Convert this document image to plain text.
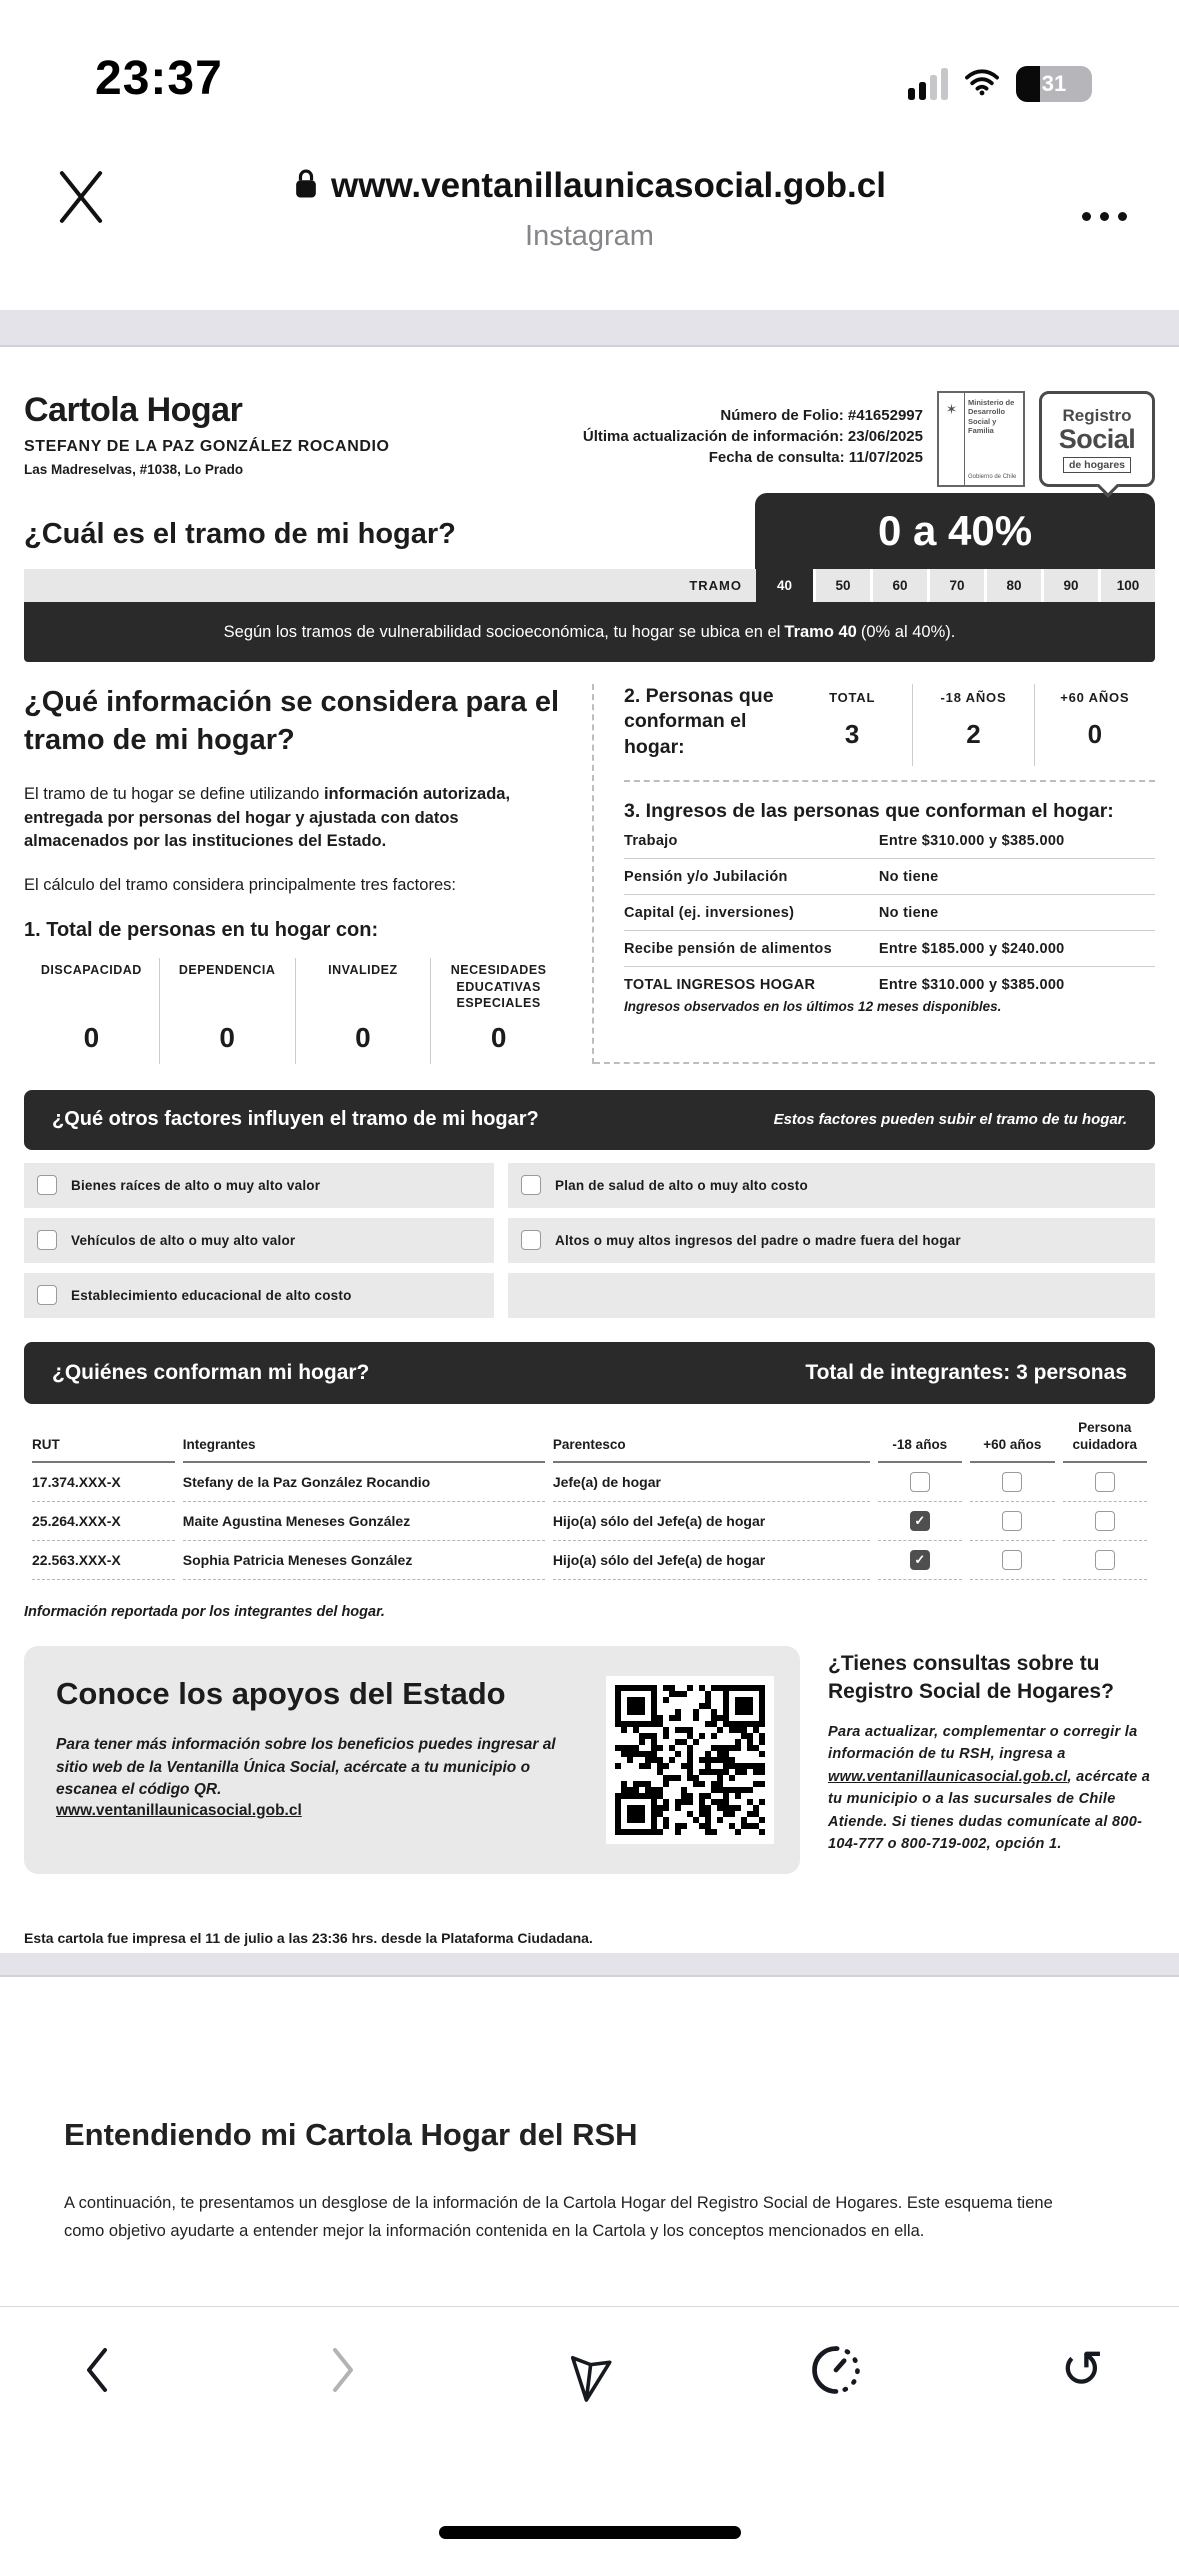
23:37	31
www.ventanillaunicasocial.gob.cl
Instagram
Cartola Hogar
STEFANY DE LA PAZ GONZÁLEZ ROCANDIO
Las Madreselvas, #1038, Lo Prado
Número de Folio: #41652997
Última actualización de información: 23/06/2025
Fecha de consulta: 11/07/2025
✶	Ministerio de Desarrollo Social y Familia
Gobierno de Chile
Registro
Social
de hogares
¿Cuál es el tramo de mi hogar?	0 a 40%
TRAMO	40	50	60	70	80	90	100
Según los tramos de vulnerabilidad socioeconómica, tu hogar se ubica en el Tramo 40 (0% al 40%).
¿Qué información se considera para el tramo de mi hogar?
El tramo de tu hogar se define utilizando información autorizada, entregada por personas del hogar y ajustada con datos almacenados por las instituciones del Estado.
El cálculo del tramo considera principalmente tres factores:
1. Total de personas en tu hogar con:
DISCAPACIDAD
0
DEPENDENCIA
0
INVALIDEZ
0
NECESIDADES EDUCATIVAS ESPECIALES
0
2. Personas que conforman el hogar:
TOTAL
3
-18 AÑOS
2
+60 AÑOS
0
3. Ingresos de las personas que conforman el hogar:
Trabajo	Entre $310.000 y $385.000
Pensión y/o Jubilación	No tiene
Capital (ej. inversiones)	No tiene
Recibe pensión de alimentos	Entre $185.000 y $240.000
TOTAL INGRESOS HOGAR	Entre $310.000 y $385.000
Ingresos observados en los últimos 12 meses disponibles.
¿Qué otros factores influyen el tramo de mi hogar?	Estos factores pueden subir el tramo de tu hogar.
Bienes raíces de alto o muy alto valor	Plan de salud de alto o muy alto costo
Vehículos de alto o muy alto valor	Altos o muy altos ingresos del padre o madre fuera del hogar
Establecimiento educacional de alto costo
¿Quiénes conforman mi hogar?	Total de integrantes: 3 personas
RUT	Integrantes	Parentesco	-18 años	+60 años	Persona cuidadora
17.374.XXX-X	Stefany de la Paz González Rocandio	Jefe(a) de hogar	

25.264.XXX-X	Maite Agustina Meneses González	Hijo(a) sólo del Jefe(a) de hogar	✓		

22.563.XXX-X	Sophia Patricia Meneses González	Hijo(a) sólo del Jefe(a) de hogar	✓		

Información reportada por los integrantes del hogar.
Conoce los apoyos del Estado
Para tener más información sobre los beneficios puedes ingresar al sitio web de la Ventanilla Única Social, acércate a tu municipio o escanea el código QR.
www.ventanillaunicasocial.gob.cl
¿Tienes consultas sobre tu Registro Social de Hogares?
Para actualizar, complementar o corregir la información de tu RSH, ingresa a www.ventanillaunicasocial.gob.cl, acércate a tu municipio o a las sucursales de Chile Atiende. Si tienes dudas comunícate al 800-104-777 o 800-719-002, opción 1.
Esta cartola fue impresa el 11 de julio a las 23:36 hrs. desde la Plataforma Ciudadana.
Entendiendo mi Cartola Hogar del RSH
A continuación, te presentamos un desglose de la información de la Cartola Hogar del Registro Social de Hogares. Este esquema tiene como objetivo ayudarte a entender mejor la información contenida en la Cartola y los conceptos mencionados en ella.
↺
